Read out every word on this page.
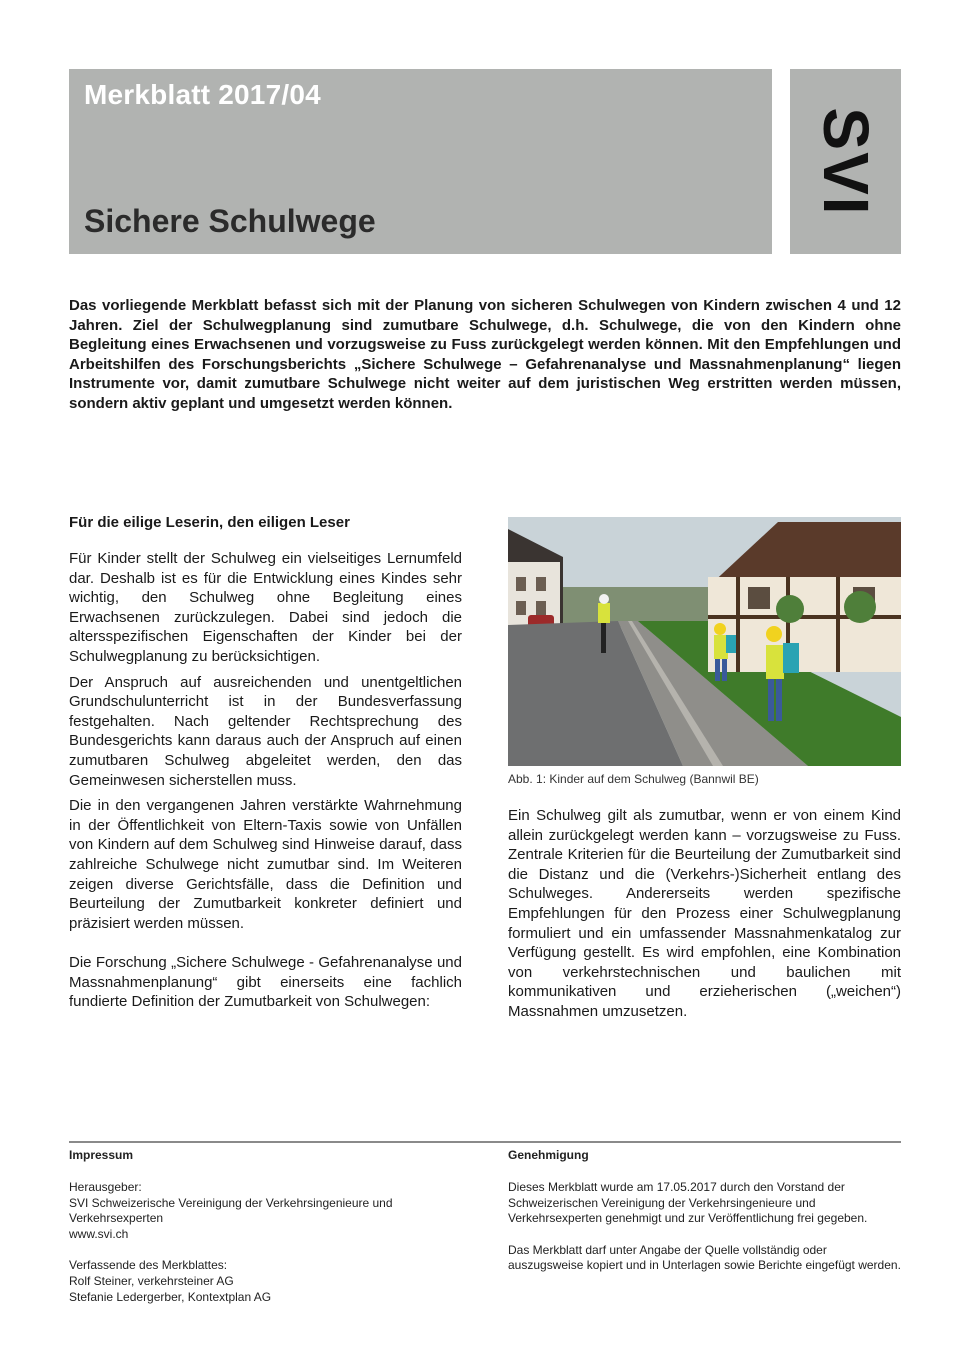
Merkblatt 2017/04
Sichere Schulwege
SVI

Das vorliegende Merkblatt befasst sich mit der Planung von sicheren Schulwegen von Kindern zwischen 4 und 12 Jahren. Ziel der Schulwegplanung sind zumutbare Schulwege, d.h. Schulwege, die von den Kindern ohne Begleitung eines Erwachsenen und vorzugsweise zu Fuss zurückgelegt werden können. Mit den Empfehlungen und Arbeitshilfen des Forschungsberichts „Sichere Schulwege – Gefahrenanalyse und Massnahmenplanung“ liegen Instrumente vor, damit zumutbare Schulwege nicht weiter auf dem juristischen Weg erstritten werden müssen, sondern aktiv geplant und umgesetzt werden können.

Für die eilige Leserin, den eiligen Leser

Für Kinder stellt der Schulweg ein vielseitiges Lernumfeld dar. Deshalb ist es für die Entwicklung eines Kindes sehr wichtig, den Schulweg ohne Begleitung eines Erwachsenen zurückzulegen. Dabei sind jedoch die altersspezifischen Eigenschaften der Kinder bei der Schulwegplanung zu berücksichtigen.

Der Anspruch auf ausreichenden und unentgeltlichen Grundschulunterricht ist in der Bundesverfassung festgehalten. Nach geltender Rechtsprechung des Bundesgerichts kann daraus auch der Anspruch auf einen zumutbaren Schulweg abgeleitet werden, den das Gemeinwesen sicherstellen muss.

Die in den vergangenen Jahren verstärkte Wahrnehmung in der Öffentlichkeit von Eltern-Taxis sowie von Unfällen von Kindern auf dem Schulweg sind Hinweise darauf, dass zahlreiche Schulwege nicht zumutbar sind. Im Weiteren zeigen diverse Gerichtsfälle, dass die Definition und Beurteilung der Zumutbarkeit konkreter definiert und präzisiert werden müssen.

Die Forschung „Sichere Schulwege - Gefahrenanalyse und Massnahmenplanung“ gibt einerseits eine fachlich fundierte Definition der Zumutbarkeit von Schulwegen:

Abb. 1: Kinder auf dem Schulweg (Bannwil BE)

Ein Schulweg gilt als zumutbar, wenn er von einem Kind allein zurückgelegt werden kann – vorzugsweise zu Fuss. Zentrale Kriterien für die Beurteilung der Zumutbarkeit sind die Distanz und die (Verkehrs-)Sicherheit entlang des Schulweges. Andererseits werden spezifische Empfehlungen für den Prozess einer Schulwegplanung formuliert und ein umfassender Massnahmenkatalog zur Verfügung gestellt. Es wird empfohlen, eine Kombination von verkehrstechnischen und baulichen mit kommunikativen und erzieherischen („weichen“) Massnahmen umzusetzen.

Impressum

Herausgeber:
SVI Schweizerische Vereinigung der Verkehrsingenieure und Verkehrsexperten
www.svi.ch

Verfassende des Merkblattes:
Rolf Steiner, verkehrsteiner AG
Stefanie Ledergerber, Kontextplan AG

Genehmigung

Dieses Merkblatt wurde am 17.05.2017 durch den Vorstand der Schweizerischen Vereinigung der Verkehrsingenieure und Verkehrsexperten genehmigt und zur Veröffentlichung frei gegeben.

Das Merkblatt darf unter Angabe der Quelle vollständig oder auszugsweise kopiert und in Unterlagen sowie Berichte eingefügt werden.
